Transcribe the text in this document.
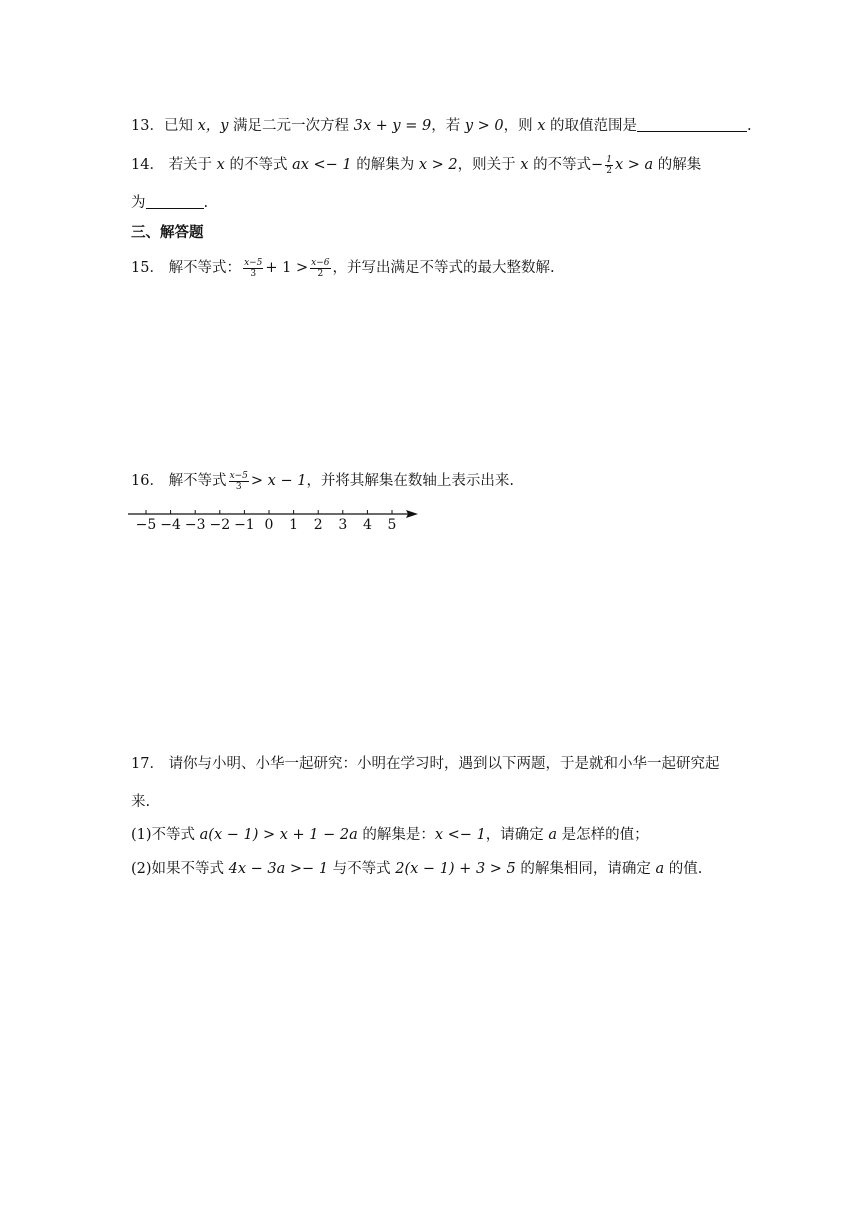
13．已知 x，y 满足二元一次方程 3x + y = 9，若 y > 0，则 x 的取值范围是	.
14． 若关于 x 的不等式 ax <− 1 的解集为 x > 2，则关于 x 的不等式− $\frac{1}{2}$ x > a 的解集
为	.
三、解答题
15． 解不等式： $\frac{x-5}{3} + 1 > \frac{x-6}{2}$ ，并写出满足不等式的最大整数解.
16． 解不等式 $\frac{x-5}{3} > x - 1$，并将其解集在数轴上表示出来.
−5 −4 −3 −2 −1 0 1 2 3 4 5
17． 请你与小明、小华一起研究：小明在学习时，遇到以下两题，于是就和小华一起研究起
来.
(1)不等式 a(x − 1) > x + 1 − 2a 的解集是：x <− 1，请确定 a 是怎样的值；
(2)如果不等式 4x − 3a >− 1 与不等式 2(x − 1) + 3 > 5 的解集相同，请确定 a 的值.
